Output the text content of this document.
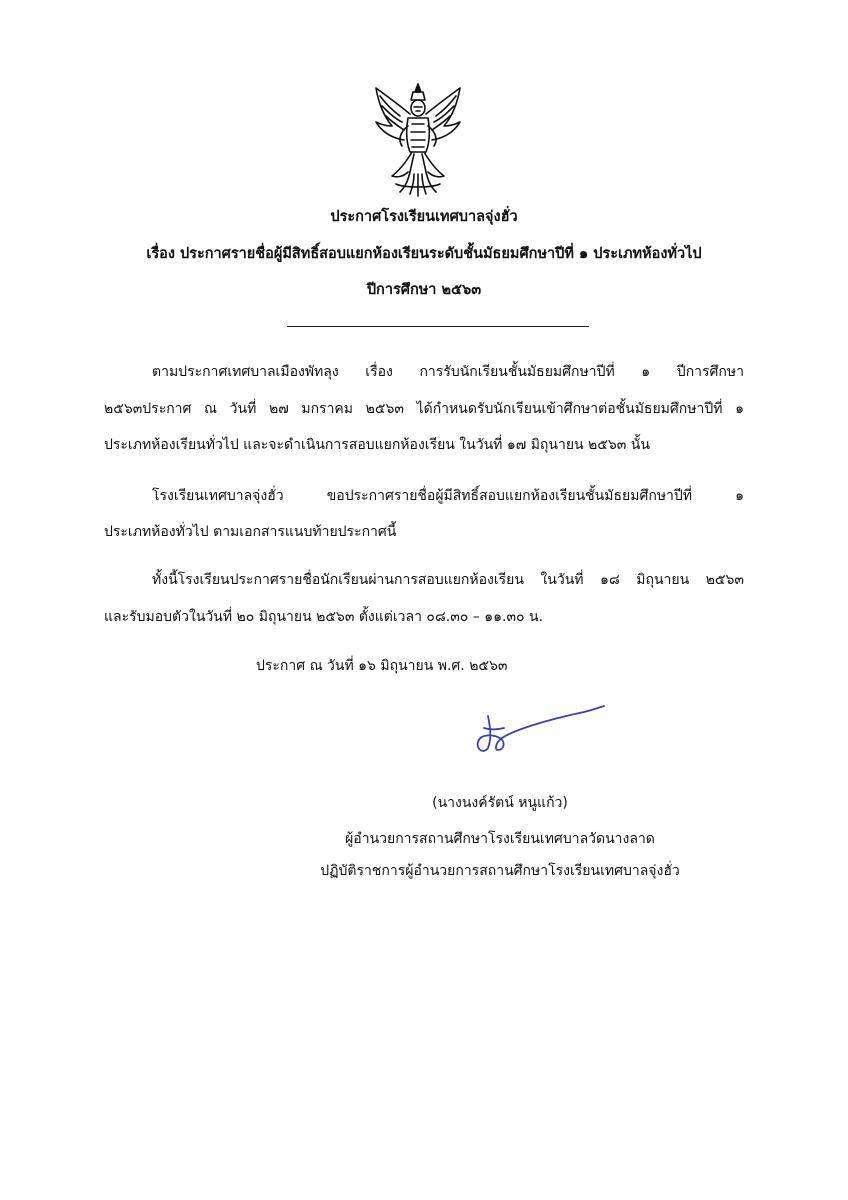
ประกาศโรงเรียนเทศบาลจุ่งฮั่ว
เรื่อง ประกาศรายชื่อผู้มีสิทธิ์สอบแยกห้องเรียนระดับชั้นมัธยมศึกษาปีที่ ๑ ประเภทห้องทั่วไป
ปีการศึกษา ๒๕๖๓
ตามประกาศเทศบาลเมืองพัทลุง เรื่อง การรับนักเรียนชั้นมัธยมศึกษาปีที่ ๑ ปีการศึกษา
๒๕๖๓ประกาศ ณ วันที่ ๒๗ มกราคม ๒๕๖๓ ได้กำหนดรับนักเรียนเข้าศึกษาต่อชั้นมัธยมศึกษาปีที่ ๑
ประเภทห้องเรียนทั่วไป และจะดำเนินการสอบแยกห้องเรียน ในวันที่ ๑๗ มิถุนายน ๒๕๖๓ นั้น
โรงเรียนเทศบาลจุ่งฮั่ว ขอประกาศรายชื่อผู้มีสิทธิ์สอบแยกห้องเรียนชั้นมัธยมศึกษาปีที่ ๑
ประเภทห้องทั่วไป ตามเอกสารแนบท้ายประกาศนี้
ทั้งนี้โรงเรียนประกาศรายชื่อนักเรียนผ่านการสอบแยกห้องเรียน ในวันที่ ๑๘ มิถุนายน ๒๕๖๓
และรับมอบตัวในวันที่ ๒๐ มิถุนายน ๒๕๖๓ ตั้งแต่เวลา ๐๘.๓๐ – ๑๑.๓๐ น.
ประกาศ ณ วันที่ ๑๖ มิถุนายน พ.ศ. ๒๕๖๓
(นางนงค์รัตน์ หนูแก้ว)
ผู้อำนวยการสถานศึกษาโรงเรียนเทศบาลวัดนางลาด
ปฏิบัติราชการผู้อำนวยการสถานศึกษาโรงเรียนเทศบาลจุ่งฮั่ว
